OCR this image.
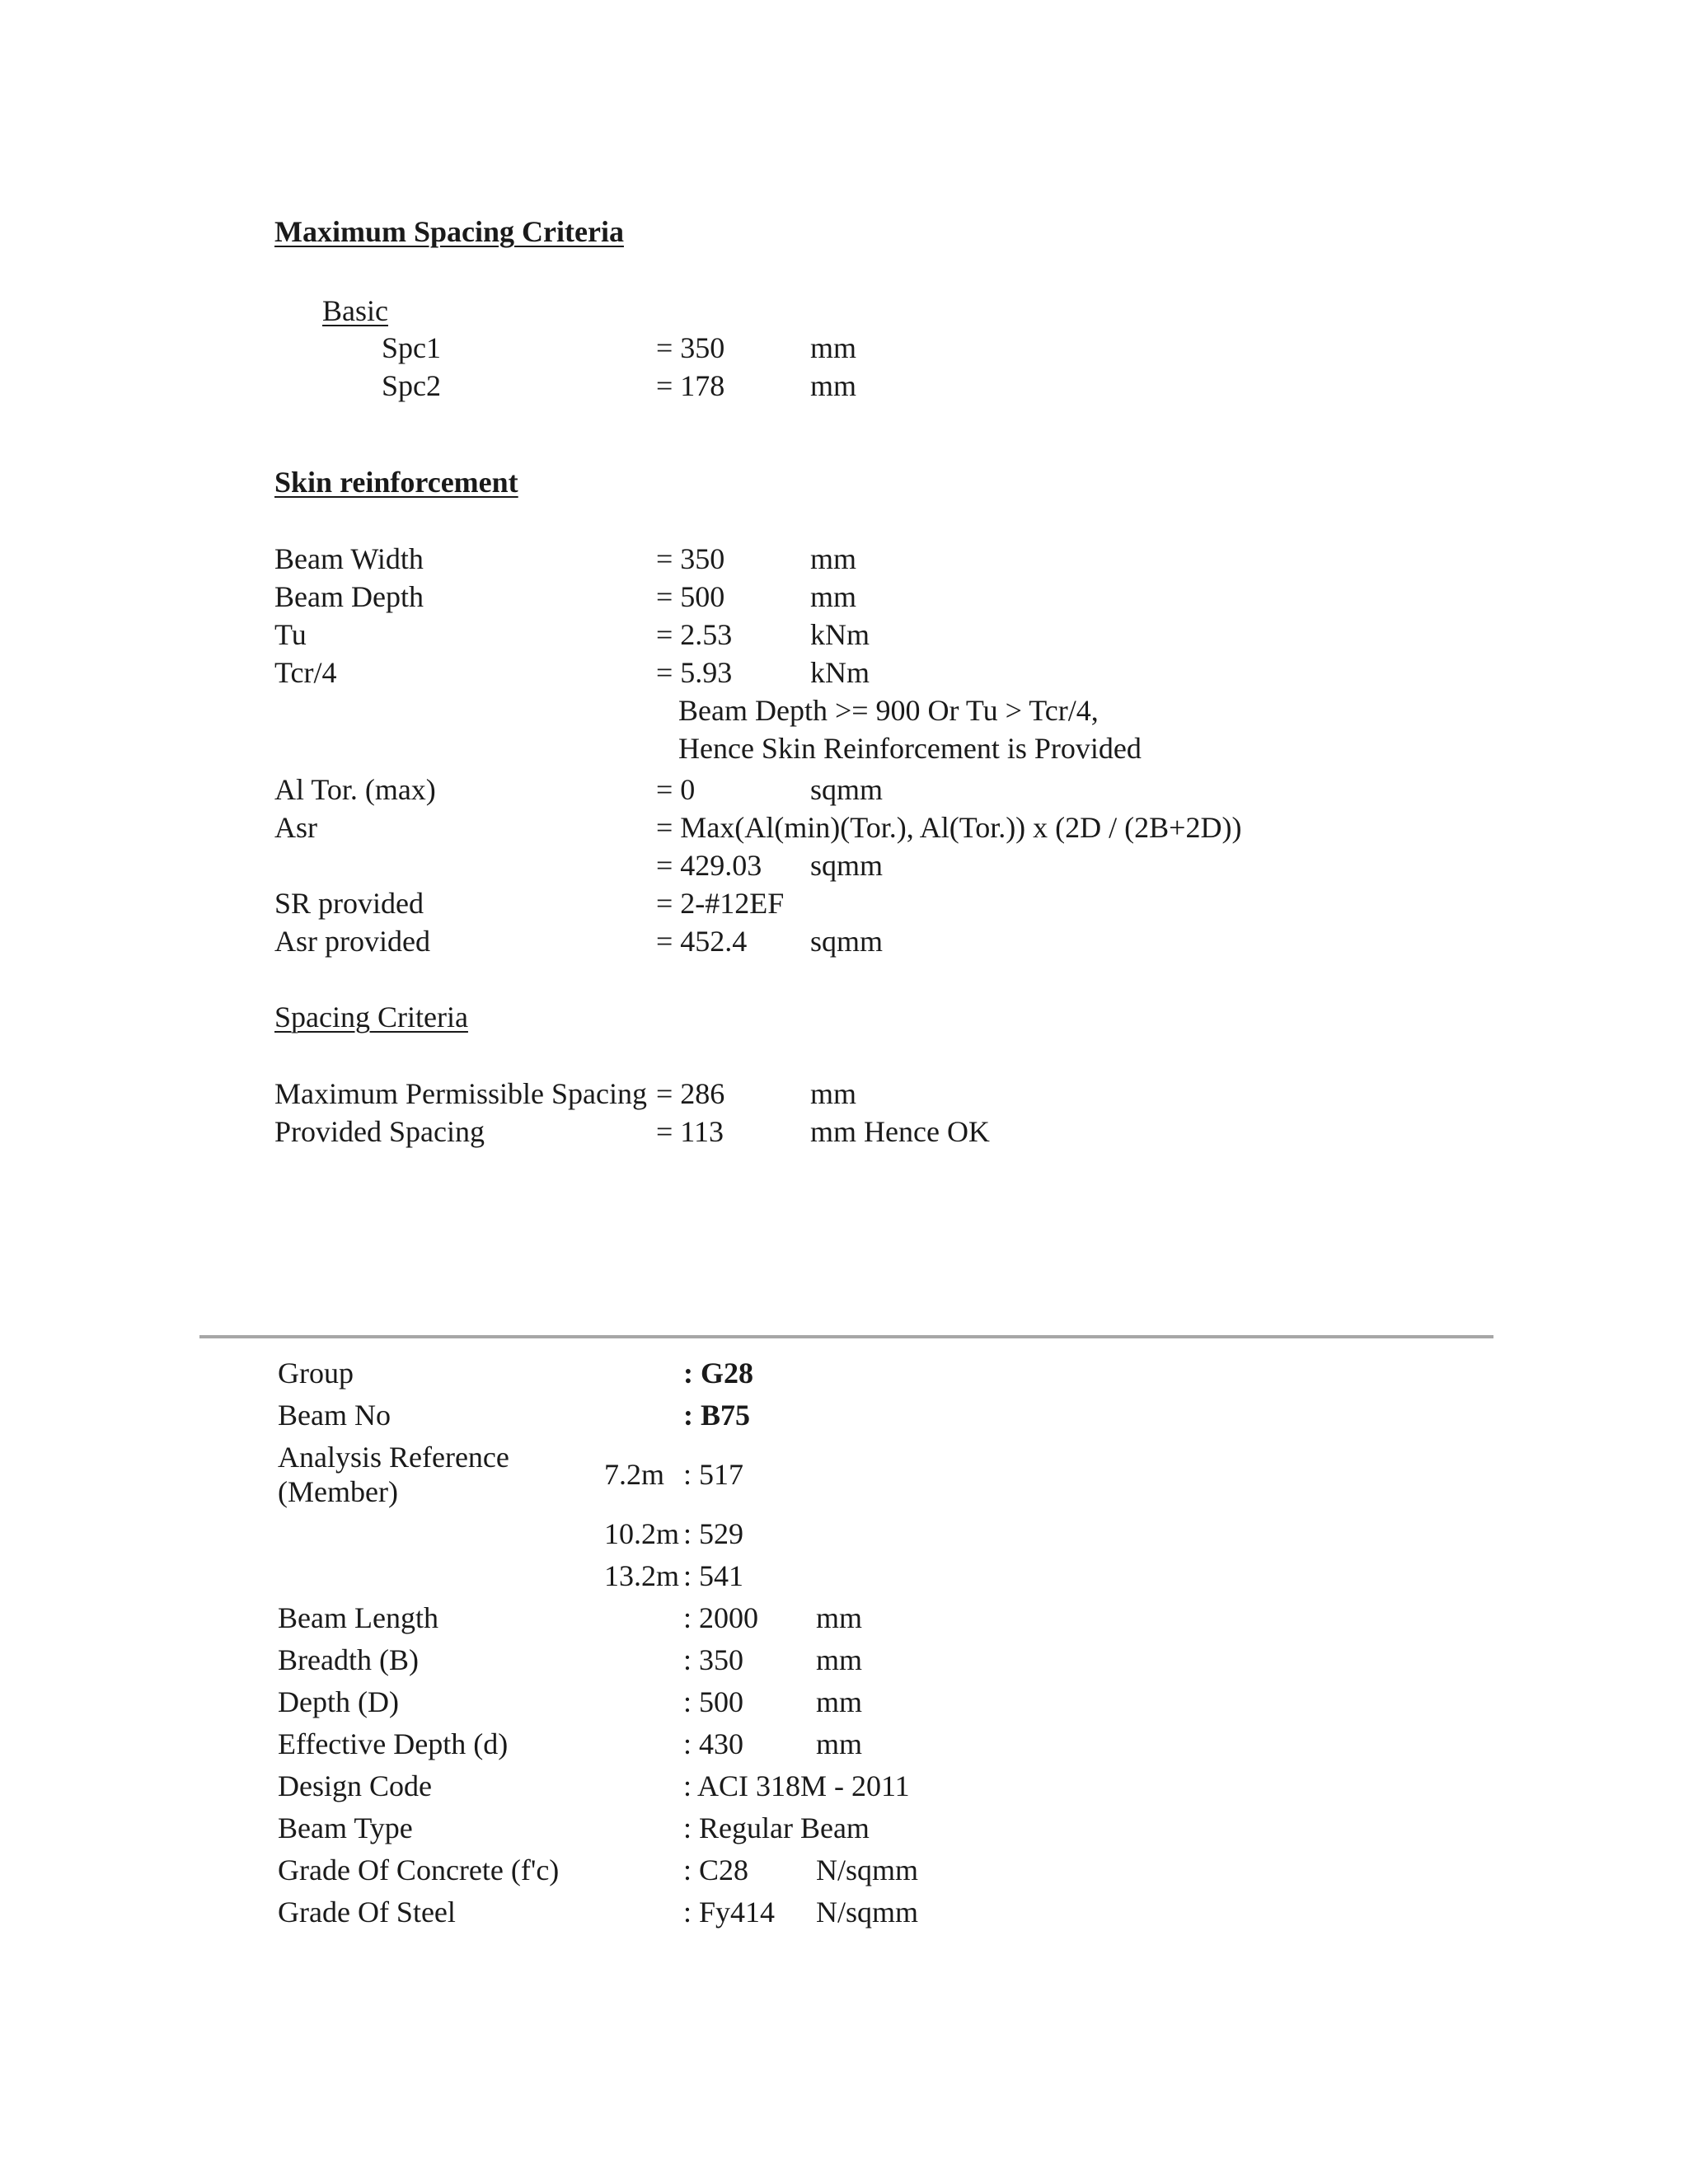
Maximum Spacing Criteria
Basic
Spc1	= 350	mm
Spc2	= 178	mm
Skin reinforcement
Beam Width	= 350	mm
Beam Depth	= 500	mm
Tu	= 2.53	kNm
Tcr/4	= 5.93	kNm
Beam Depth >= 900 Or Tu > Tcr/4,
Hence Skin Reinforcement is Provided
Al Tor. (max)	= 0	sqmm
Asr	= Max(Al(min)(Tor.), Al(Tor.)) x (2D / (2B+2D))
= 429.03 sqmm
SR provided	= 2-#12EF
Asr provided	= 452.4 sqmm
Spacing Criteria
Maximum Permissible Spacing = 286	mm
Provided Spacing	= 113	mm Hence OK
Group	: G28
Beam No	: B75
Analysis Reference
(Member)
7.2m : 517
10.2m : 529
13.2m : 541
Beam Length	: 2000 mm
Breadth (B)	: 350 mm
Depth (D)	: 500 mm
Effective Depth (d)	: 430 mm
Design Code	: ACI 318M - 2011
Beam Type	: Regular Beam
Grade Of Concrete (f'c)	: C28 N/sqmm
Grade Of Steel	: Fy414 N/sqmm
